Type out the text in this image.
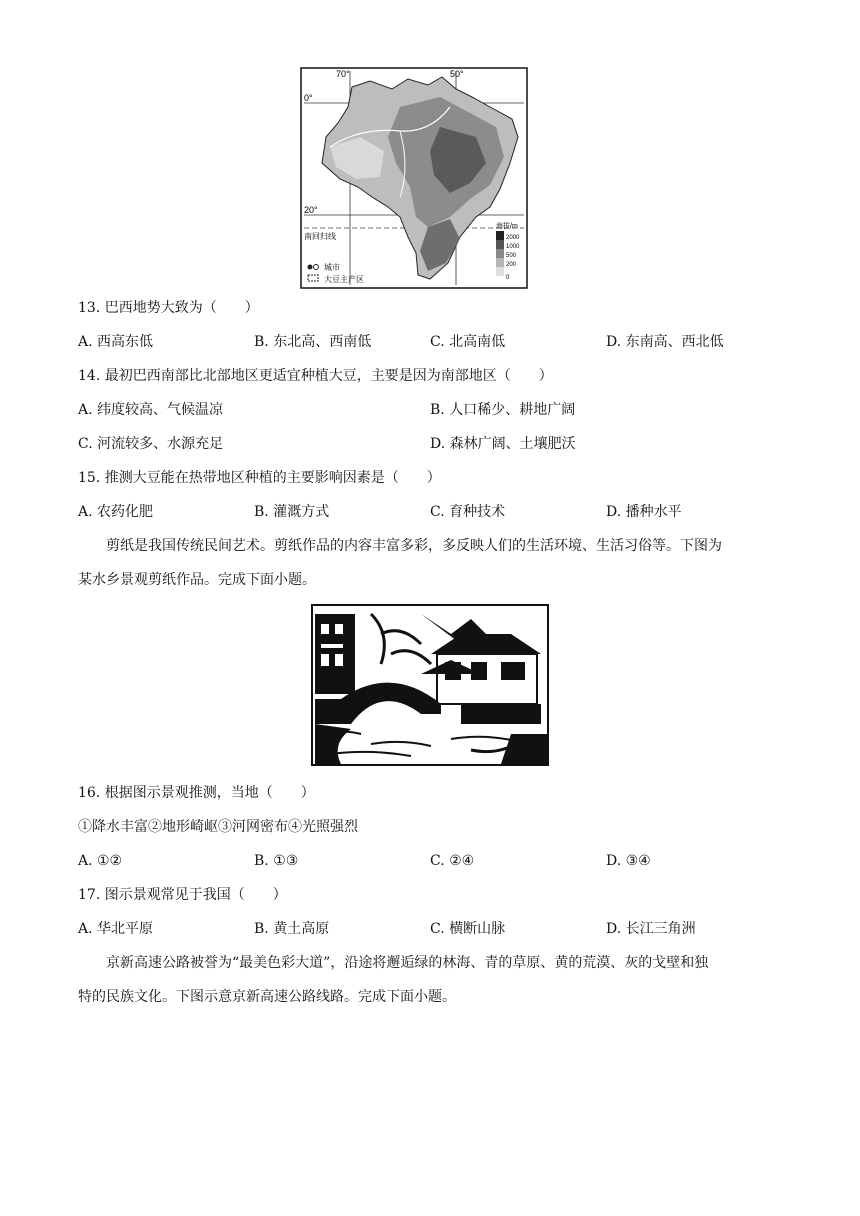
70°	50°
0°
20°
南回归线
海拔/m
2000
1000
500
200
0
城市
大豆主产区
13. 巴西地势大致为（　　）
A. 西高东低	B. 东北高、西南低	C. 北高南低	D. 东南高、西北低
14. 最初巴西南部比北部地区更适宜种植大豆，主要是因为南部地区（　　）
A. 纬度较高、气候温凉	B. 人口稀少、耕地广阔
C. 河流较多、水源充足	D. 森林广阔、土壤肥沃
15. 推测大豆能在热带地区种植的主要影响因素是（　　）
A. 农药化肥	B. 灌溉方式	C. 育种技术	D. 播种水平
剪纸是我国传统民间艺术。剪纸作品的内容丰富多彩，多反映人们的生活环境、生活习俗等。下图为
某水乡景观剪纸作品。完成下面小题。
16. 根据图示景观推测，当地（　　）
①降水丰富②地形崎岖③河网密布④光照强烈
A. ①②	B. ①③	C. ②④	D. ③④
17. 图示景观常见于我国（　　）
A. 华北平原	B. 黄土高原	C. 横断山脉	D. 长江三角洲
京新高速公路被誉为“最美色彩大道”，沿途将邂逅绿的林海、青的草原、黄的荒漠、灰的戈壁和独
特的民族文化。下图示意京新高速公路线路。完成下面小题。
